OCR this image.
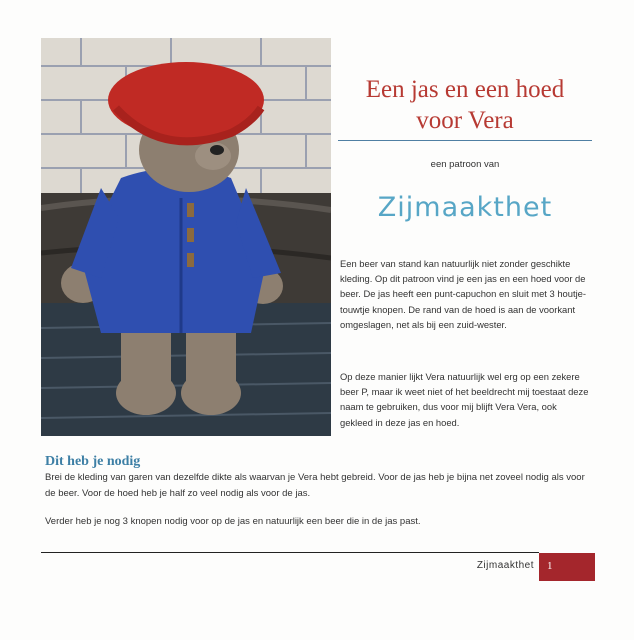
Een jas en een hoed
voor Vera
een patroon van
Zijmaakthet

Een beer van stand kan natuurlijk niet zonder geschikte kleding. Op dit patroon vind je een jas en een hoed voor de beer. De jas heeft een punt-capuchon en sluit met 3 houtje-touwtje knopen. De rand van de hoed is aan de voorkant omgeslagen, net als bij een zuid-wester.

Op deze manier lijkt Vera natuurlijk wel erg op een zekere beer P, maar ik weet niet of het beeldrecht mij toestaat deze naam te gebruiken, dus voor mij blijft Vera Vera, ook gekleed in deze jas en hoed.

Dit heb je nodig

Brei de kleding van garen van dezelfde dikte als waarvan je Vera hebt gebreid. Voor de jas heb je bijna net zoveel nodig als voor de beer. Voor de hoed heb je half zo veel nodig als voor de jas.

Verder heb je nog 3 knopen nodig voor op de jas en natuurlijk een beer die in de jas past.

Zijmaakthet 1
